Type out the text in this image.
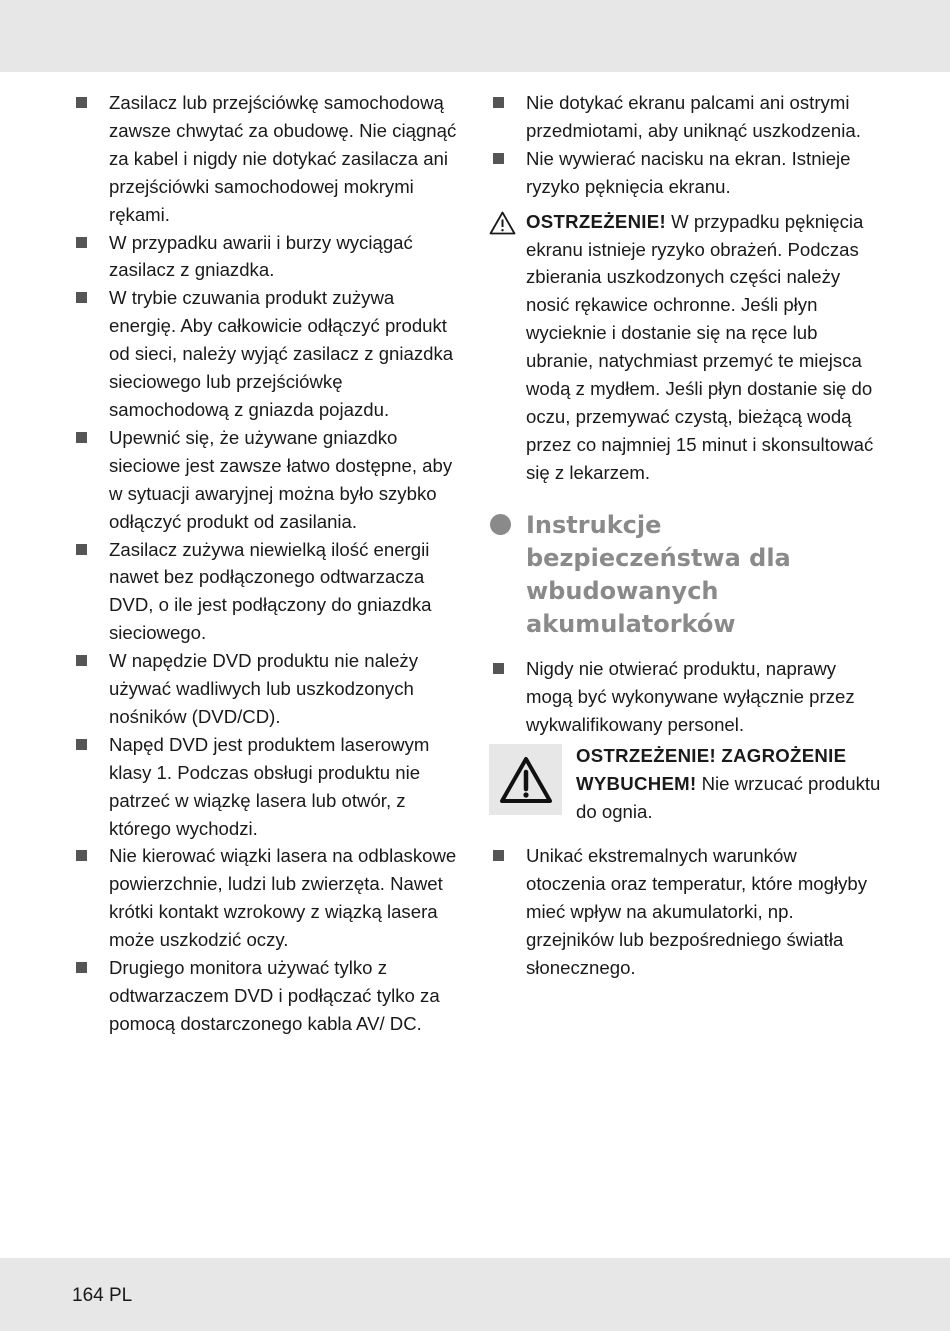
Zasilacz lub przejściówkę samochodową zawsze chwytać za obudowę. Nie ciągnąć za kabel i nigdy nie dotykać zasilacza ani przejściówki samochodowej mokrymi rękami.
W przypadku awarii i burzy wyciągać zasilacz z gniazdka.
W trybie czuwania produkt zużywa energię. Aby całkowicie odłączyć produkt od sieci, należy wyjąć zasilacz z gniazdka sieciowego lub przejściówkę samochodową z gniazda pojazdu.
Upewnić się, że używane gniazdko sieciowe jest zawsze łatwo dostępne, aby w sytuacji awaryjnej można było szybko odłączyć produkt od zasilania.
Zasilacz zużywa niewielką ilość energii nawet bez podłączonego odtwarzacza DVD, o ile jest podłączony do gniazdka sieciowego.
W napędzie DVD produktu nie należy używać wadliwych lub uszkodzonych nośników (DVD/CD).
Napęd DVD jest produktem laserowym klasy 1. Podczas obsługi produktu nie patrzeć w wiązkę lasera lub otwór, z którego wychodzi.
Nie kierować wiązki lasera na odblaskowe powierzchnie, ludzi lub zwierzęta. Nawet krótki kontakt wzrokowy z wiązką lasera może uszkodzić oczy.
Drugiego monitora używać tylko z odtwarzaczem DVD i podłączać tylko za pomocą dostarczonego kabla AV/ DC.
Nie dotykać ekranu palcami ani ostrymi przedmiotami, aby uniknąć uszkodzenia.
Nie wywierać nacisku na ekran. Istnieje ryzyko pęknięcia ekranu.
OSTRZEŻENIE! W przypadku pęknięcia ekranu istnieje ryzyko obrażeń. Podczas zbierania uszkodzonych części należy nosić rękawice ochronne. Jeśli płyn wycieknie i dostanie się na ręce lub ubranie, natychmiast przemyć te miejsca wodą z mydłem. Jeśli płyn dostanie się do oczu, przemywać czystą, bieżącą wodą przez co najmniej 15 minut i skonsultować się z lekarzem.
Instrukcje bezpieczeństwa dla wbudowanych akumulatorków
Nigdy nie otwierać produktu, naprawy mogą być wykonywane wyłącznie przez wykwalifikowany personel.
OSTRZEŻENIE! ZAGROŻENIE WYBUCHEM! Nie wrzucać produktu do ognia.
Unikać ekstremalnych warunków otoczenia oraz temperatur, które mogłyby mieć wpływ na akumulatorki, np. grzejników lub bezpośredniego światła słonecznego.
164 PL
